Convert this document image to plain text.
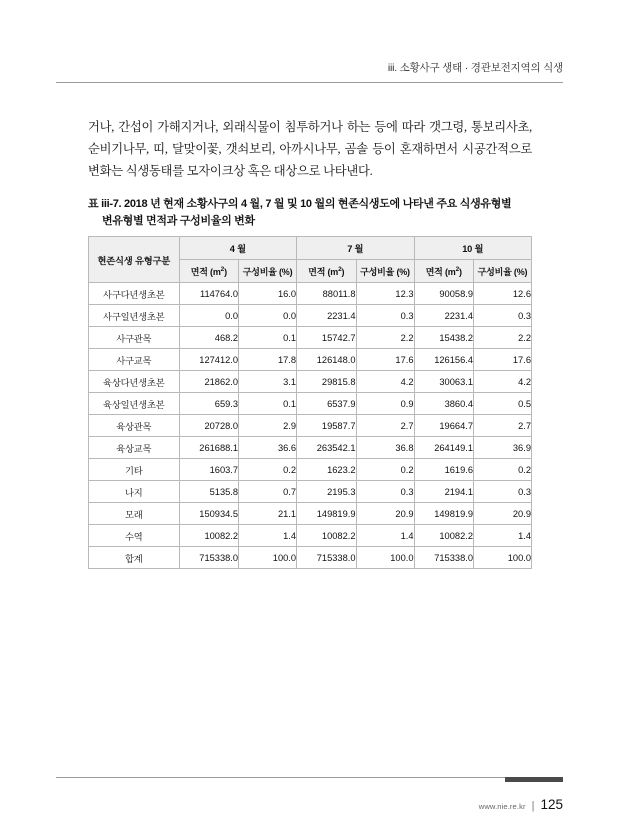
iii. 소황사구 생태 · 경관보전지역의 식생

거나, 간섭이 가해지거나, 외래식물이 침투하거나 하는 등에 따라 갯그령, 통보리사초, 순비기나무, 띠, 달맞이꽃, 갯쇠보리, 아까시나무, 곰솔 등이 혼재하면서 시공간적으로 변화는 식생동태를 모자이크상 혹은 대상으로 나타낸다.

표 iii-7. 2018 년 현재 소황사구의 4 월, 7 월 및 10 월의 현존식생도에 나타낸 주요 식생유형별
변유형별 면적과 구성비율의 변화
현존식생 유형구분	4 월		7 월		10 월	
	면적 $(m^2)$	구성비율 (%)	면적 $(m^2)$	구성비율 (%)	면적 $(m^2)$	구성비율 (%)
사구다년생초본	114764.0	16.0	88011.8	12.3	90058.9	12.6
사구일년생초본	0.0	0.0	2231.4	0.3	2231.4	0.3
사구관목	468.2	0.1	15742.7	2.2	15438.2	2.2
사구교목	127412.0	17.8	126148.0	17.6	126156.4	17.6
육상다년생초본	21862.0	3.1	29815.8	4.2	30063.1	4.2
육상일년생초본	659.3	0.1	6537.9	0.9	3860.4	0.5
육상관목	20728.0	2.9	19587.7	2.7	19664.7	2.7
육상교목	261688.1	36.6	263542.1	36.8	264149.1	36.9
기타	1603.7	0.2	1623.2	0.2	1619.6	0.2
나지	5135.8	0.7	2195.3	0.3	2194.1	0.3
모래	150934.5	21.1	149819.9	20.9	149819.9	20.9
수역	10082.2	1.4	10082.2	1.4	10082.2	1.4
합계	715338.0	100.0	715338.0	100.0	715338.0	100.0
www.nie.re.kr | 125
